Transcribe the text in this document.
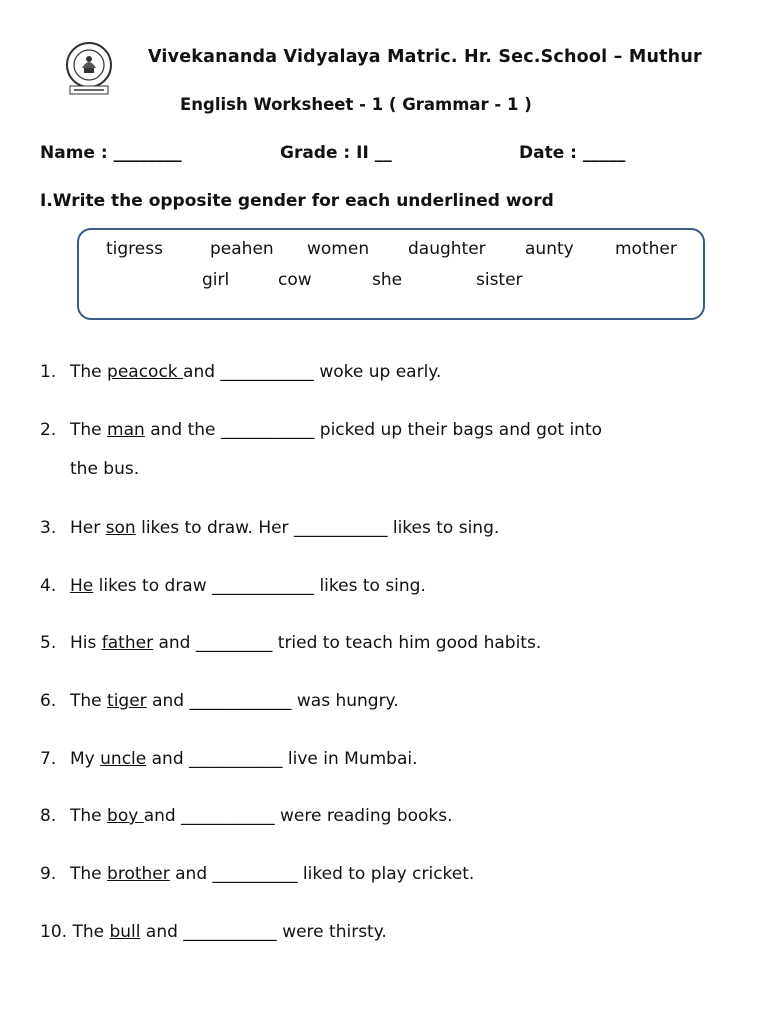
Vivekananda Vidyalaya Matric. Hr. Sec.School – Muthur
English Worksheet - 1 ( Grammar - 1 )
Name : ________	Grade : II __	Date : _____
I.Write the opposite gender for each underlined word
tigress	peahen women daughter aunty mother
girl	cow	she	sister
1. The peacock and ___________ woke up early.
2. The man and the ___________ picked up their bags and got into
the bus.
3. Her son likes to draw. Her ___________ likes to sing.
4. He likes to draw ____________ likes to sing.
5. His father and _________ tried to teach him good habits.
6. The tiger and ____________ was hungry.
7. My uncle and ___________ live in Mumbai.
8. The boy and ___________ were reading books.
9. The brother and __________ liked to play cricket.
10. The bull and ___________ were thirsty.
